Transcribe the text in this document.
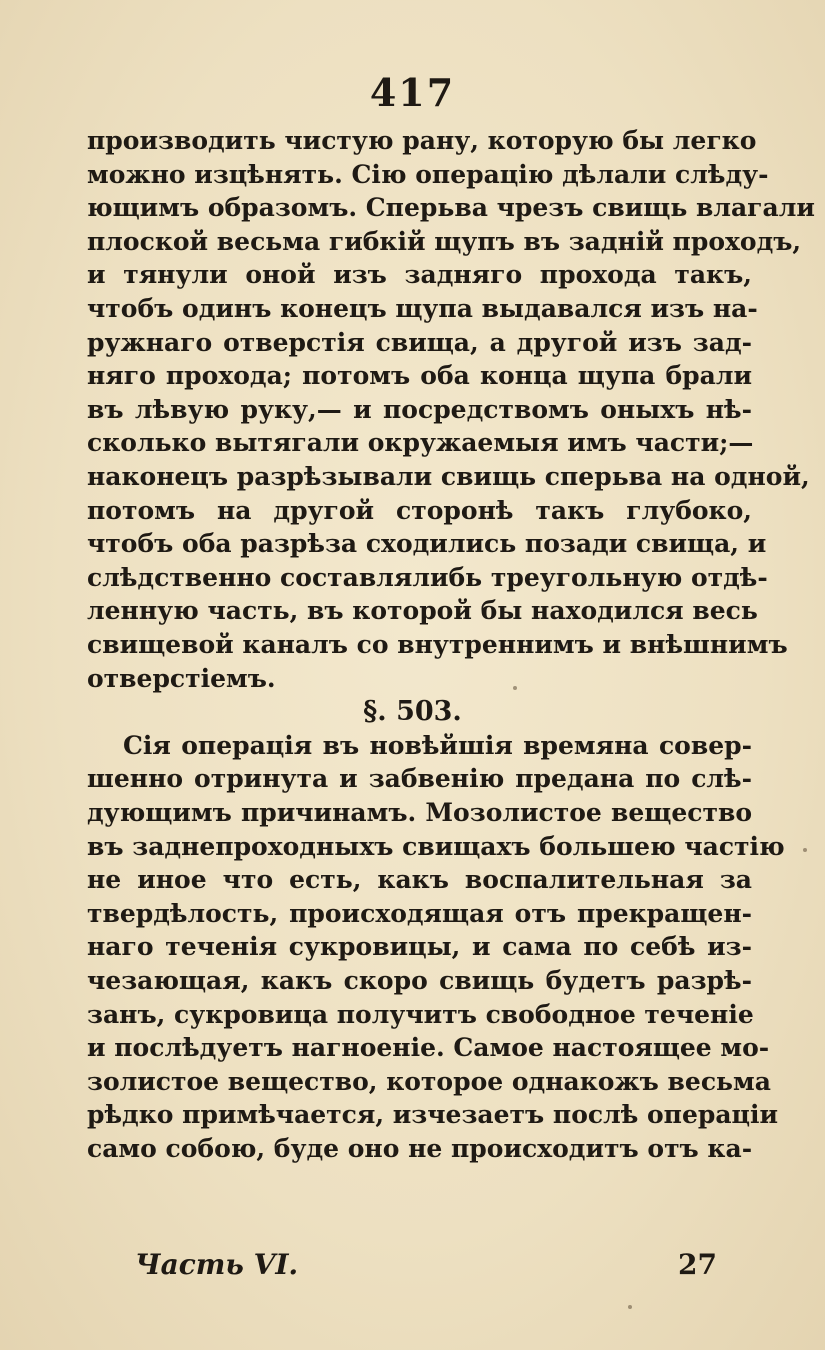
417
производить чистую рану, которую бы легко
можно изцѣнять. Сію операцію дѣлали слѣду-
ющимъ образомъ. Сперьва чрезъ свищь влагали
плоской весьма гибкій щупъ въ задній проходъ,
и тянули оной изъ задняго прохода такъ,
чтобъ одинъ конецъ щупа выдавался изъ на-
ружнаго отверстія свища, а другой изъ зад-
няго прохода; потомъ оба конца щупа брали
въ лѣвую руку,— и посредствомъ оныхъ нѣ-
сколько вытягали окружаемыя имъ части;—
наконецъ разрѣзывали свищь сперьва на одной,
потомъ на другой сторонѣ такъ глубоко,
чтобъ оба разрѣза сходились позади свища, и
слѣдственно составлялибь треугольную отдѣ-
ленную часть, въ которой бы находился весь
свищевой каналъ со внутреннимъ и внѣшнимъ
отверстіемъ.
§. 503.
Сія операція въ новѣйшія времяна совер-
шенно отринута и забвенію предана по слѣ-
дующимъ причинамъ. Мозолистое вещество
въ заднепроходныхъ свищахъ большею частію
не иное что есть, какъ воспалительная за
твердѣлость, происходящая отъ прекращен-
наго теченія сукровицы, и сама по себѣ из-
чезающая, какъ скоро свищь будетъ разрѣ-
занъ, сукровица получитъ свободное теченіе
и послѣдуетъ нагноеніе. Самое настоящее мо-
золистое вещество, которое однакожъ весьма
рѣдко примѣчается, изчезаетъ послѣ операціи
само собою, буде оно не происходитъ отъ ка-
Часть VI.	27
